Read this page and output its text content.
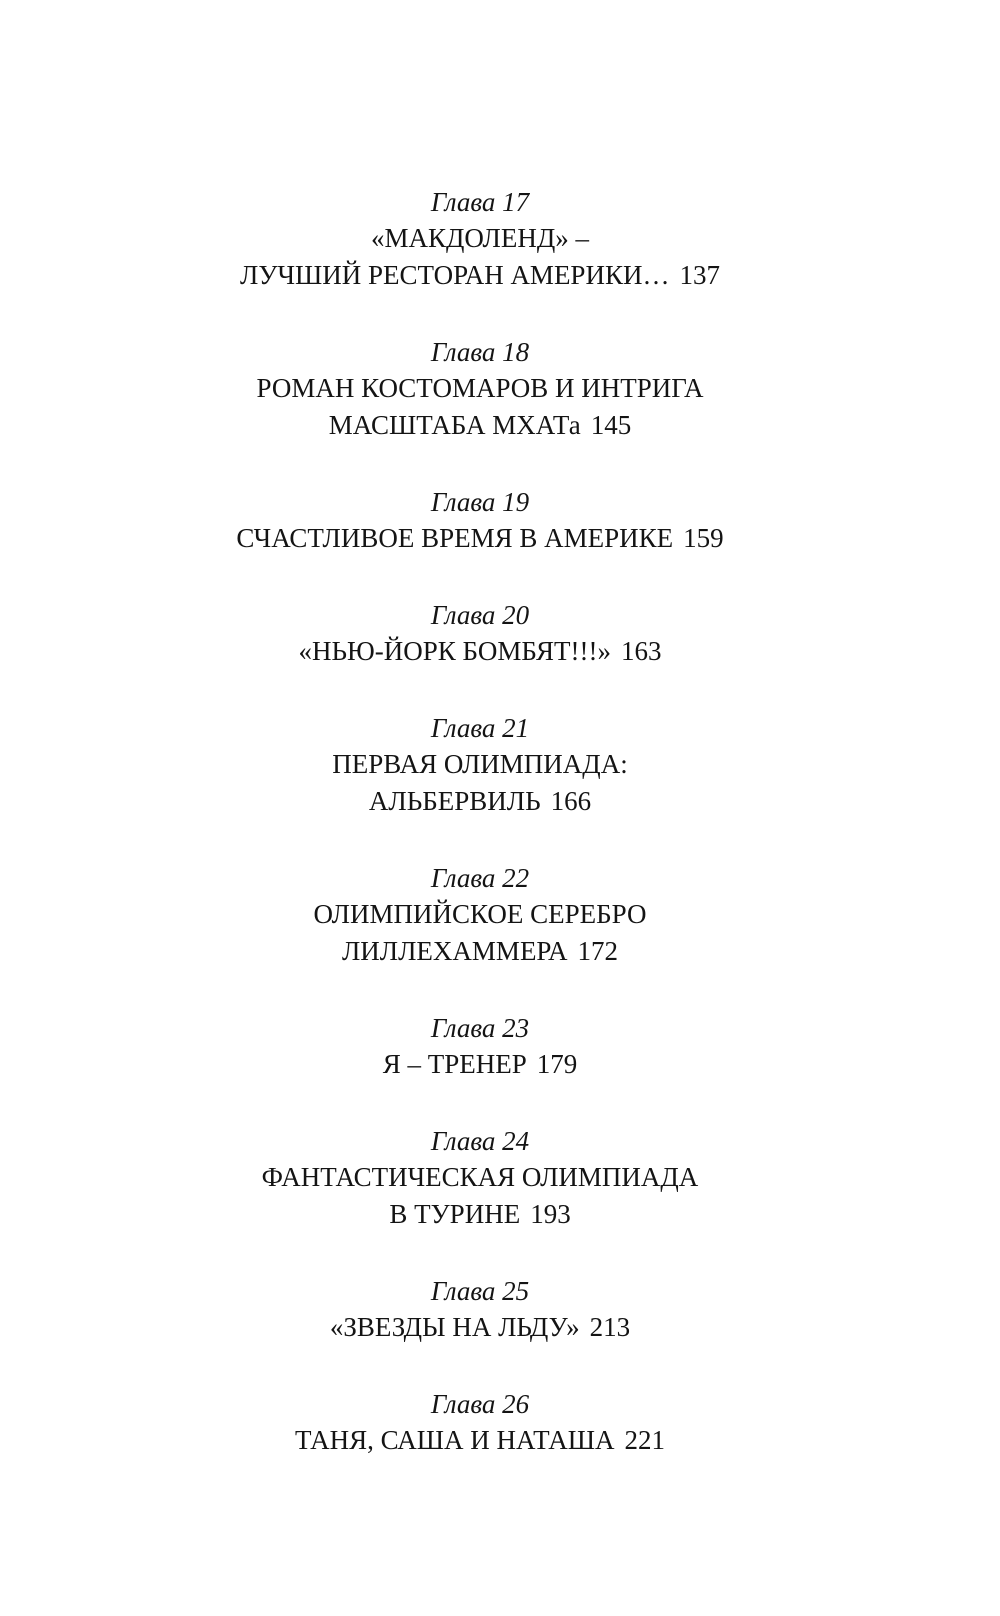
Глава 17
«МАКДОЛЕНД» –
ЛУЧШИЙ РЕСТОРАН АМЕРИКИ… 137
Глава 18
РОМАН КОСТОМАРОВ И ИНТРИГА
МАСШТАБА МХАТа 145
Глава 19
СЧАСТЛИВОЕ ВРЕМЯ В АМЕРИКЕ 159
Глава 20
«НЬЮ-ЙОРК БОМБЯТ!!!» 163
Глава 21
ПЕРВАЯ ОЛИМПИАДА:
АЛЬБЕРВИЛЬ 166
Глава 22
ОЛИМПИЙСКОЕ СЕРЕБРО
ЛИЛЛЕХАММЕРА 172
Глава 23
Я – ТРЕНЕР 179
Глава 24
ФАНТАСТИЧЕСКАЯ ОЛИМПИАДА
В ТУРИНЕ 193
Глава 25
«ЗВЕЗДЫ НА ЛЬДУ» 213
Глава 26
ТАНЯ, САША И НАТАША 221
